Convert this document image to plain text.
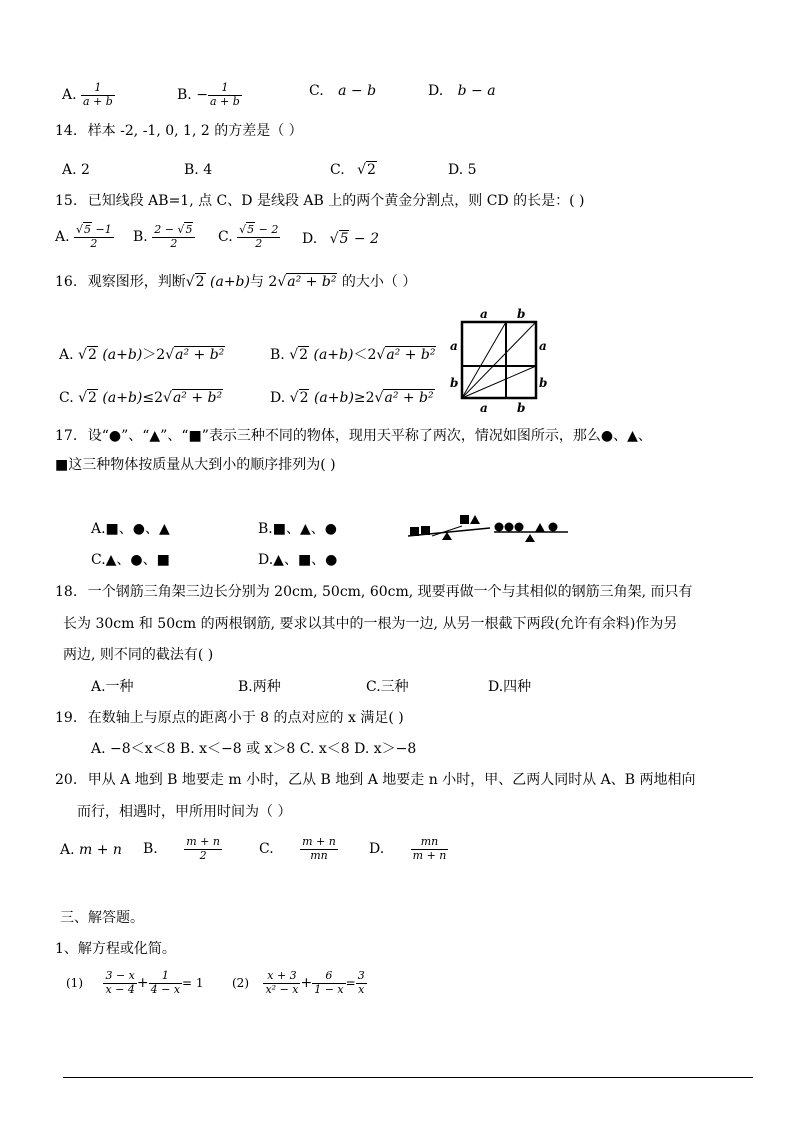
A. $\frac{1}{a + b}$	B. − $\frac{1}{a + b}$	C. a − b	D. b − a
14. 样本 -2, -1, 0, 1, 2 的方差是（ ）
A. 2	B. 4	C. √2	D. 5
15. 已知线段 AB=1, 点 C、D 是线段 AB 上的两个黄金分割点，则 CD 的长是：( )
A. $\frac{√5 -1}{2} B$. $\frac{2 - √5}{2} C$. $\frac{√5 - 2}{2} D$. √5 − 2
16. 观察图形，判断√2 (a+b)与 2√a² + b² 的大小（ ）
A. √2 (a+b)＞2√a² + b²	B. √2 (a+b)＜2√a² + b²
C. √2 (a+b)≤2√a² + b²	D. √2 (a+b)≥2√a² + b²
a b
a
b
a
b
a b
17. 设“●”、“▲”、“■”表示三种不同的物体，现用天平称了两次，情况如图所示，那么●、▲、
■这三种物体按质量从大到小的顺序排列为( )
A.■、●、▲	B.■、▲、●
C.▲、●、■	D.▲、■、●
18. 一个钢筋三角架三边长分别为 20cm, 50cm, 60cm, 现要再做一个与其相似的钢筋三角架, 而只有
长为 30cm 和 50cm 的两根钢筋, 要求以其中的一根为一边, 从另一根截下两段(允许有余料)作为另
两边, 则不同的截法有( )
A.一种	B.两种	C.三种	D.四种
19. 在数轴上与原点的距离小于 8 的点对应的 x 满足( )
A. −8＜x＜8 B. x＜−8 或 x＞8 C. x＜8 D. x＞−8
20. 甲从 A 地到 B 地要走 m 小时，乙从 B 地到 A 地要走 n 小时，甲、乙两人同时从 A、B 两地相向
而行，相遇时，甲所用时间为（ ）
A. m + n B. $\frac{m + n}{2}$	C. $\frac{m + n}{mn} D$. $\frac{mn}{m + n}$
三、解答题。
1、解方程或化简。
$(1) \frac{3 - x}{x - 4} + \frac{1}{4 - x} = 1$ $(2) \frac{x + 3}{\text{x² − x}} + \frac{6}{1 - x} = \frac{3}{x}$
